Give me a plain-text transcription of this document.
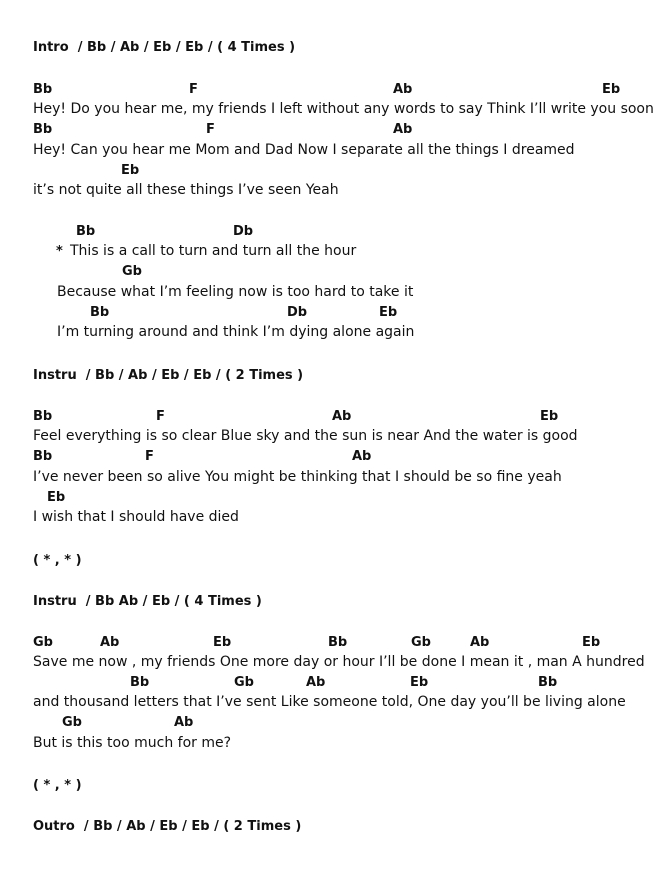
Intro  / Bb / Ab / Eb / Eb / ( 4 Times )
Bb	F	Ab	Eb
Hey! Do you hear me, my friends I left without any words to say Think I’ll write you soon
Bb	F	Ab
Hey! Can you hear me Mom and Dad Now I separate all the things I dreamed
Eb
it’s not quite all these things I’ve seen Yeah
Bb	Db
* This is a call to turn and turn all the hour
Gb
Because what I’m feeling now is too hard to take it
Bb	Db	Eb
I’m turning around and think I’m dying alone again
Instru  / Bb / Ab / Eb / Eb / ( 2 Times )
Bb	F	Ab	Eb
Feel everything is so clear Blue sky and the sun is near And the water is good
Bb	F	Ab
I’ve never been so alive You might be thinking that I should be so fine yeah
Eb
I wish that I should have died
( * , * )
Instru  / Bb Ab / Eb / ( 4 Times )
Gb	Ab	Eb	Bb	Gb	Ab	Eb
Save me now , my friends One more day or hour I’ll be done I mean it , man A hundred
Bb	Gb	Ab	Eb	Bb
and thousand letters that I’ve sent Like someone told, One day you’ll be living alone
Gb	Ab
But is this too much for me?
( * , * )
Outro  / Bb / Ab / Eb / Eb / ( 2 Times )
